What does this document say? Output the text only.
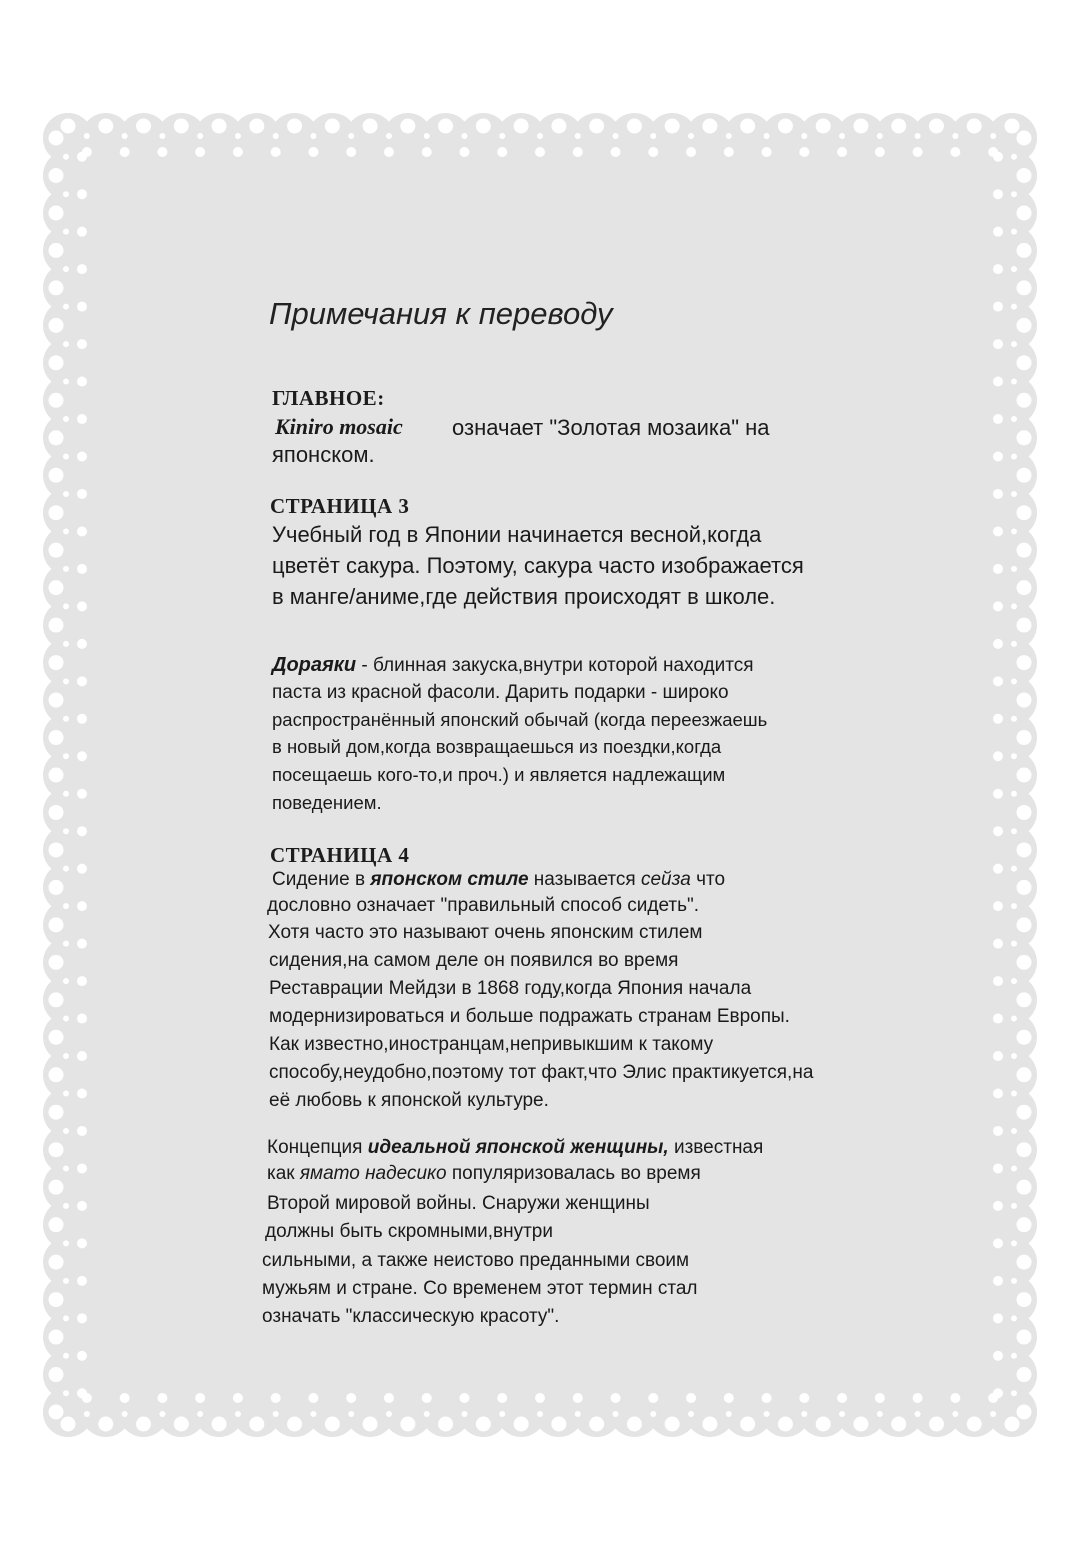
Примечания к переводу
ГЛАВНОЕ:
Kiniro mosaic означает "Золотая мозаика" на
японском.
СТРАНИЦА 3
Учебный год в Японии начинается весной,когда
цветёт сакура. Поэтому, сакура часто изображается
в манге/аниме,где действия происходят в школе.
Дораяки - блинная закуска,внутри которой находится
паста из красной фасоли. Дарить подарки - широко
распространённый японский обычай (когда переезжаешь
в новый дом,когда возвращаешься из поездки,когда
посещаешь кого-то,и проч.) и является надлежащим
поведением.
СТРАНИЦА 4
Сидение в японском стиле называется сейза что
дословно означает "правильный способ сидеть".
Хотя часто это называют очень японским стилем
сидения,на самом деле он появился во время
Реставрации Мейдзи в 1868 году,когда Япония начала
модернизироваться и больше подражать странам Европы.
Как известно,иностранцам,непривыкшим к такому
способу,неудобно,поэтому тот факт,что Элис практикуется,на
её любовь к японской культуре.
Концепция идеальной японской женщины, известная
как ямато надесико популяризовалась во время
Второй мировой войны. Снаружи женщины
должны быть скромными,внутри
сильными, а также неистово преданными своим
мужьям и стране. Со временем этот термин стал
означать "классическую красоту".
